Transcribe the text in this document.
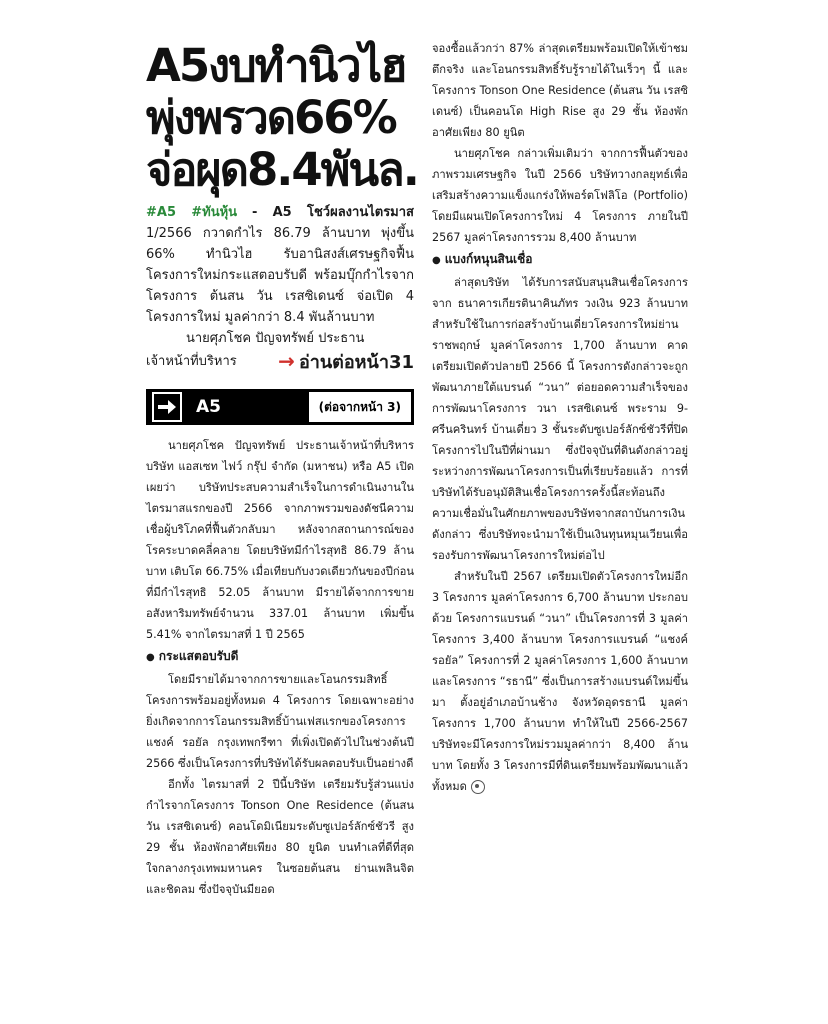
A5งบทำนิวไฮ
พุ่งพรวด66%
จ่อผุด8.4พันล.

#A5 #ทันหุ้น - A5 โชว์ผลงานไตรมาส 1/2566 กวาดกำไร 86.79 ล้านบาท พุ่งขึ้น 66% ทำนิวไฮ รับอานิสงส์เศรษฐกิจฟื้น โครงการใหม่กระแสตอบรับดี พร้อมบุ๊กกำไรจากโครงการ ต้นสน วัน เรสซิเดนซ์ จ่อเปิด 4 โครงการใหม่ มูลค่ากว่า 8.4 พันล้านบาท

นายศุภโชค ปัญจทรัพย์ ประธาน

เจ้าหน้าที่บริหาร → อ่านต่อหน้า31
A5	(ต่อจากหน้า 3)

นายศุภโชค ปัญจทรัพย์ ประธานเจ้าหน้าที่บริหาร บริษัท แอสเซท ไฟว์ กรุ๊ป จำกัด (มหาชน) หรือ A5 เปิดเผยว่า บริษัทประสบความสำเร็จในการดำเนินงานในไตรมาสแรกของปี 2566 จากภาพรวมของดัชนีความเชื่อผู้บริโภคที่ฟื้นตัวกลับมา หลังจากสถานการณ์ของโรคระบาดคลี่คลาย โดยบริษัทมีกำไรสุทธิ 86.79 ล้านบาท เติบโต 66.75% เมื่อเทียบกับงวดเดียวกันของปีก่อน ที่มีกำไรสุทธิ 52.05 ล้านบาท มีรายได้จากการขายอสังหาริมทรัพย์จำนวน 337.01 ล้านบาท เพิ่มขึ้น 5.41% จากไตรมาสที่ 1 ปี 2565

● กระแสตอบรับดี

โดยมีรายได้มาจากการขายและโอนกรรมสิทธิ์โครงการพร้อมอยู่ทั้งหมด 4 โครงการ โดยเฉพาะอย่างยิ่งเกิดจากการโอนกรรมสิทธิ์บ้านเฟสแรกของโครงการแชงค์ รอยัล กรุงเทพกรีฑา ที่เพิ่งเปิดตัวไปในช่วงต้นปี 2566 ซึ่งเป็นโครงการที่บริษัทได้รับผลตอบรับเป็นอย่างดี

อีกทั้ง ไตรมาสที่ 2 ปีนี้บริษัท เตรียมรับรู้ส่วนแบ่งกำไรจากโครงการ Tonson One Residence (ต้นสน วัน เรสซิเดนซ์) คอนโดมิเนียมระดับซูเปอร์ลักซ์ชัวรี สูง 29 ชั้น ห้องพักอาศัยเพียง 80 ยูนิต บนทำเลที่ดีที่สุดใจกลางกรุงเทพมหานคร ในซอยต้นสน ย่านเพลินจิต และชิดลม ซึ่งปัจจุบันมียอด

จองซื้อแล้วกว่า 87% ล่าสุดเตรียมพร้อมเปิดให้เข้าชมตึกจริง และโอนกรรมสิทธิ์รับรู้รายได้ในเร็วๆ นี้ และโครงการ Tonson One Residence (ต้นสน วัน เรสซิเดนซ์) เป็นคอนโด High Rise สูง 29 ชั้น ห้องพักอาศัยเพียง 80 ยูนิต

นายศุภโชค กล่าวเพิ่มเติมว่า จากการฟื้นตัวของภาพรวมเศรษฐกิจ ในปี 2566 บริษัทวางกลยุทธ์เพื่อเสริมสร้างความแข็งแกร่งให้พอร์ตโฟลิโอ (Portfolio) โดยมีแผนเปิดโครงการใหม่ 4 โครงการ ภายในปี 2567 มูลค่าโครงการรวม 8,400 ล้านบาท

● แบงก์หนุนสินเชื่อ

ล่าสุดบริษัท ได้รับการสนับสนุนสินเชื่อโครงการจาก ธนาคารเกียรตินาคินภัทร วงเงิน 923 ล้านบาท สำหรับใช้ในการก่อสร้างบ้านเดี่ยวโครงการใหม่ย่านราชพฤกษ์ มูลค่าโครงการ 1,700 ล้านบาท คาดเตรียมเปิดตัวปลายปี 2566 นี้ โครงการดังกล่าวจะถูกพัฒนาภายใต้แบรนด์ “วนา” ต่อยอดความสำเร็จของการพัฒนาโครงการ วนา เรสซิเดนซ์ พระราม 9-ศรีนครินทร์ บ้านเดี่ยว 3 ชั้นระดับซูเปอร์ลักซ์ชัวรีที่ปิดโครงการไปในปีที่ผ่านมา ซึ่งปัจจุบันที่ดินดังกล่าวอยู่ระหว่างการพัฒนาโครงการเป็นที่เรียบร้อยแล้ว การที่บริษัทได้รับอนุมัติสินเชื่อโครงการครั้งนี้สะท้อนถึงความเชื่อมั่นในศักยภาพของบริษัทจากสถาบันการเงินดังกล่าว ซึ่งบริษัทจะนำมาใช้เป็นเงินทุนหมุนเวียนเพื่อรองรับการพัฒนาโครงการใหม่ต่อไป

สำหรับในปี 2567 เตรียมเปิดตัวโครงการใหม่อีก 3 โครงการ มูลค่าโครงการ 6,700 ล้านบาท ประกอบด้วย โครงการแบรนด์ “วนา” เป็นโครงการที่ 3 มูลค่าโครงการ 3,400 ล้านบาท โครงการแบรนด์ “แชงค์ รอยัล” โครงการที่ 2 มูลค่าโครงการ 1,600 ล้านบาท และโครงการ “รธานี” ซึ่งเป็นการสร้างแบรนด์ใหม่ขึ้นมา ตั้งอยู่อำเภอบ้านช้าง จังหวัดอุดรธานี มูลค่าโครงการ 1,700 ล้านบาท ทำให้ในปี 2566-2567 บริษัทจะมีโครงการใหม่รวมมูลค่ากว่า 8,400 ล้านบาท โดยทั้ง 3 โครงการมีที่ดินเตรียมพร้อมพัฒนาแล้วทั้งหมด
